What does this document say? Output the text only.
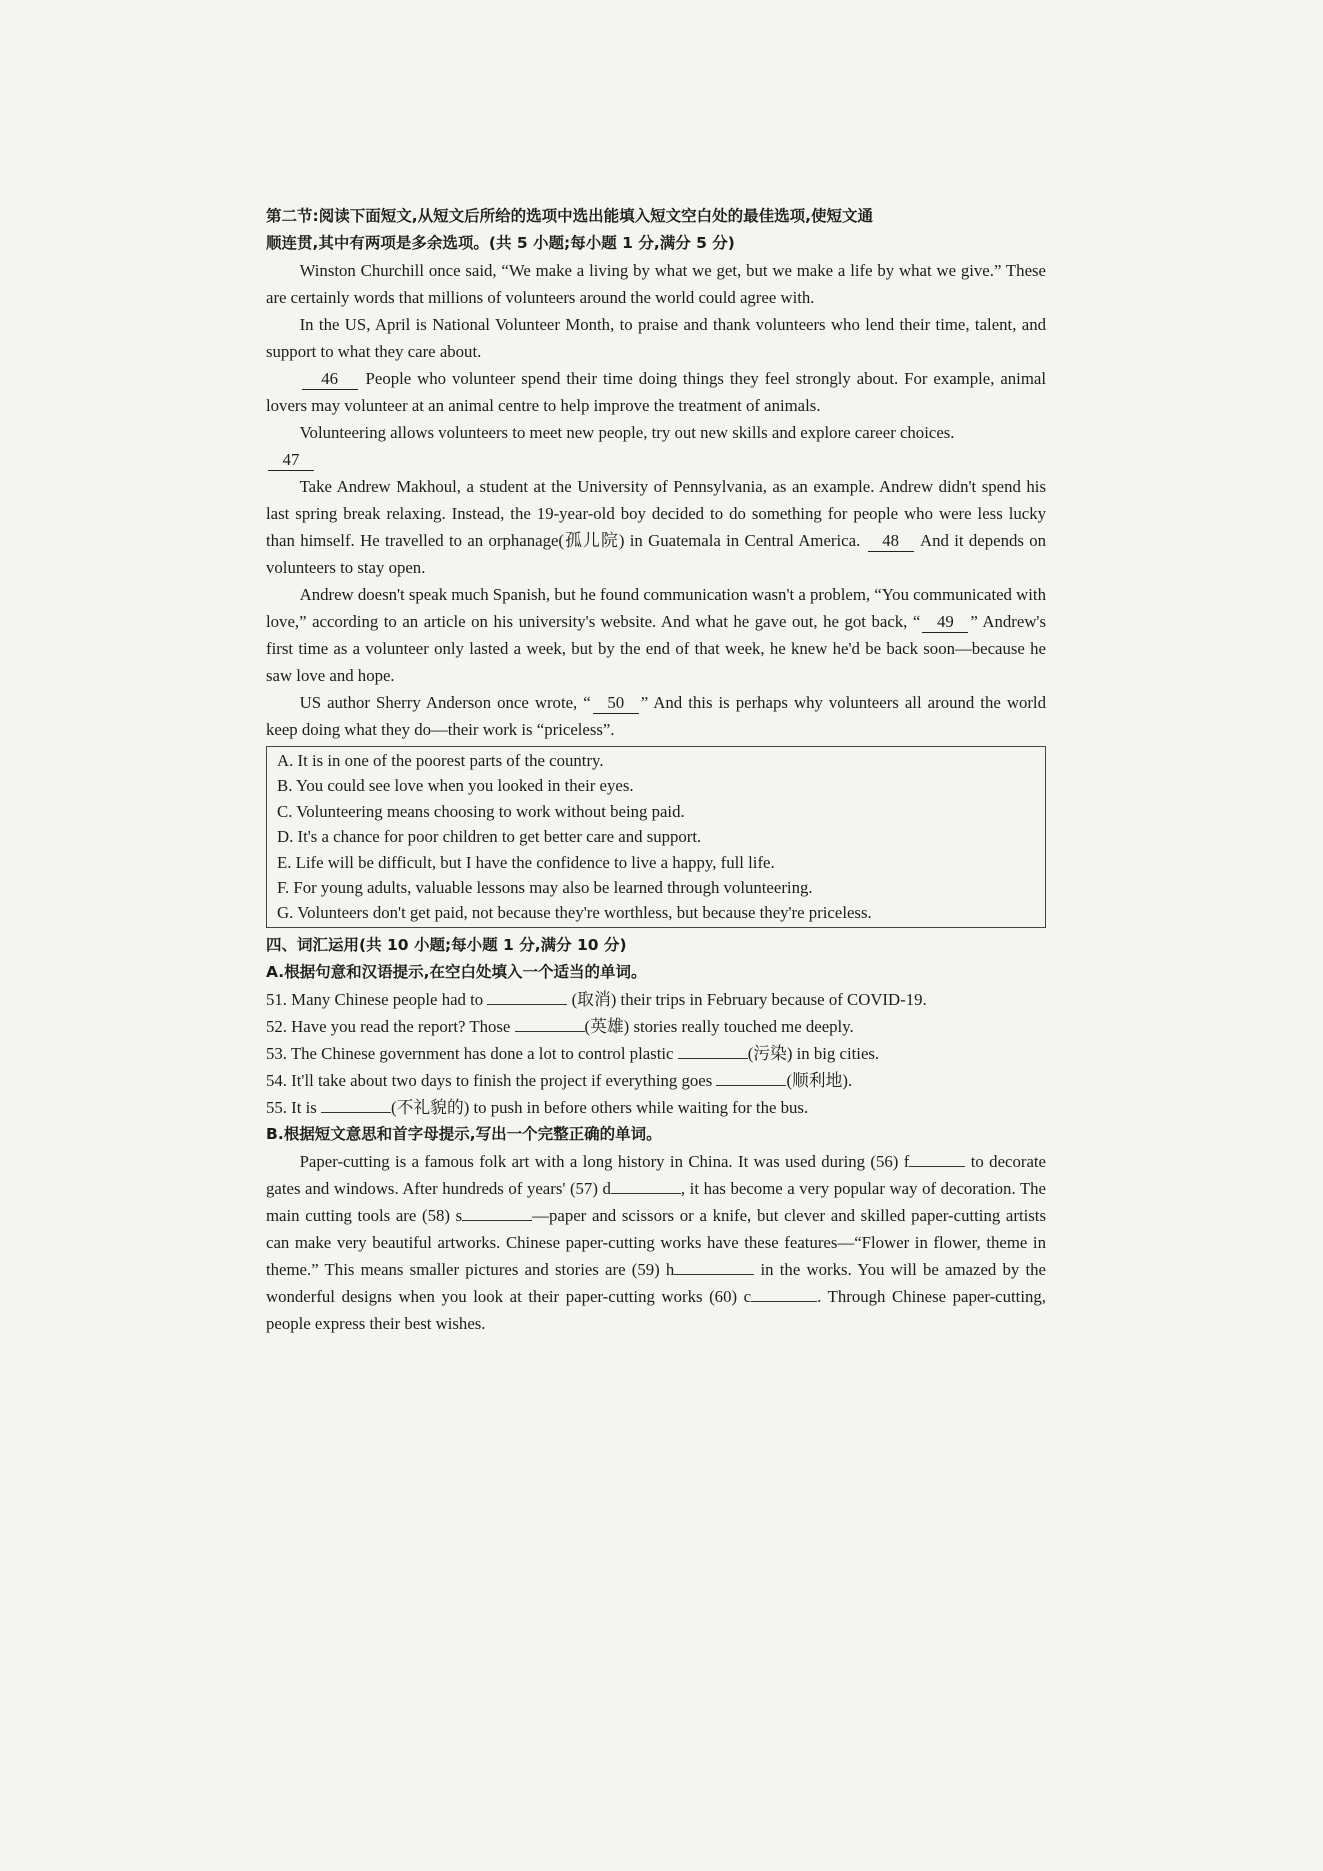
第二节:阅读下面短文,从短文后所给的选项中选出能填入短文空白处的最佳选项,使短文通
顺连贯,其中有两项是多余选项。(共 5 小题;每小题 1 分,满分 5 分)
Winston Churchill once said, “We make a living by what we get, but we make a life by what we give.” These are certainly words that millions of volunteers around the world could agree with.
In the US, April is National Volunteer Month, to praise and thank volunteers who lend their time, talent, and support to what they care about.
46 People who volunteer spend their time doing things they feel strongly about. For example, animal lovers may volunteer at an animal centre to help improve the treatment of animals.
Volunteering allows volunteers to meet new people, try out new skills and explore career choices.
47
Take Andrew Makhoul, a student at the University of Pennsylvania, as an example. Andrew didn't spend his last spring break relaxing. Instead, the 19-year-old boy decided to do something for people who were less lucky than himself. He travelled to an orphanage(孤儿院) in Guatemala in Central America. 48 And it depends on volunteers to stay open.
Andrew doesn't speak much Spanish, but he found communication wasn't a problem, “You communicated with love,” according to an article on his university's website. And what he gave out, he got back, “ 49 ” Andrew's first time as a volunteer only lasted a week, but by the end of that week, he knew he'd be back soon—because he saw love and hope.
US author Sherry Anderson once wrote, “ 50 ” And this is perhaps why volunteers all around the world keep doing what they do—their work is “priceless”.
A. It is in one of the poorest parts of the country.
B. You could see love when you looked in their eyes.
C. Volunteering means choosing to work without being paid.
D. It's a chance for poor children to get better care and support.
E. Life will be difficult, but I have the confidence to live a happy, full life.
F. For young adults, valuable lessons may also be learned through volunteering.
G. Volunteers don't get paid, not because they're worthless, but because they're priceless.
四、词汇运用(共 10 小题;每小题 1 分,满分 10 分)
A.根据句意和汉语提示,在空白处填入一个适当的单词。
51. Many Chinese people had to	(取消) their trips in February because of COVID-19.
52. Have you read the report? Those	(英雄) stories really touched me deeply.
53. The Chinese government has done a lot to control plastic	(污染) in big cities.
54. It'll take about two days to finish the project if everything goes	(顺利地).
55. It is	(不礼貌的) to push in before others while waiting for the bus.
B.根据短文意思和首字母提示,写出一个完整正确的单词。
Paper-cutting is a famous folk art with a long history in China. It was used during (56) f	to decorate gates and windows. After hundreds of years' (57) d	, it has become a very popular way of decoration. The main cutting tools are (58) s	—paper and scissors or a knife, but clever and skilled paper-cutting artists can make very beautiful artworks. Chinese paper-cutting works have these features—“Flower in flower, theme in theme.” This means smaller pictures and stories are (59) h	in the works. You will be amazed by the wonderful designs when you look at their paper-cutting works (60) c	. Through Chinese paper-cutting, people express their best wishes.
